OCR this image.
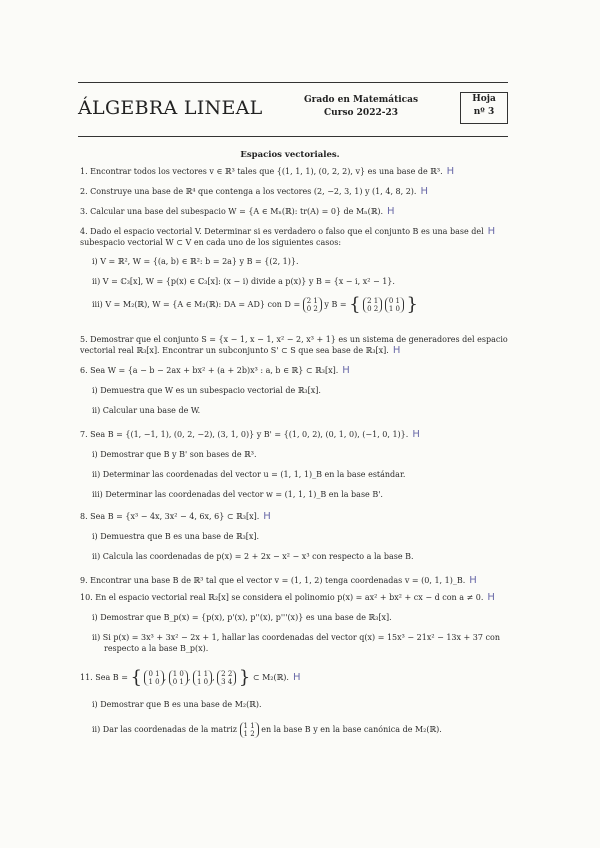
ÁLGEBRA LINEAL	Grado en Matemáticas
Curso 2022-23
Hoja
nº 3
Espacios vectoriales.
1. Encontrar todos los vectores v ∈ ℝ³ tales que {(1, 1, 1), (0, 2, 2), v} es una base de ℝ³. H
2. Construye una base de ℝ⁴ que contenga a los vectores (2, −2, 3, 1) y (1, 4, 8, 2). H
3. Calcular una base del subespacio W = {A ∈ Mₙ(ℝ): tr(A) = 0} de Mₙ(ℝ). H
4. Dado el espacio vectorial V. Determinar si es verdadero o falso que el conjunto B es una base del H
subespacio vectorial W ⊂ V en cada uno de los siguientes casos:
i) V = ℝ², W = {(a, b) ∈ ℝ²: b = 2a} y B = {(2, 1)}.
ii) V = ℂ₃[x], W = {p(x) ∈ ℂ₃[x]: (x − i) divide a p(x)} y B = {x − i, x² − 1}.
iii) V = M₂(ℝ), W = {A ∈ M₂(ℝ): DA = AD} con D = 2 1
0 2 y B = { 2 1
0 2

0 1
1 0 }
5. Demostrar que el conjunto S = {x − 1, x − 1, x² − 2, x³ + 1} es un sistema de generadores del espacio
vectorial real ℝ₃[x]. Encontrar un subconjunto S' ⊂ S que sea base de ℝ₃[x]. H
6. Sea W = {a − b − 2ax + bx² + (a + 2b)x³ : a, b ∈ ℝ} ⊂ ℝ₃[x]. H
i) Demuestra que W es un subespacio vectorial de ℝ₃[x].
ii) Calcular una base de W.
7. Sea B = {(1, −1, 1), (0, 2, −2), (3, 1, 0)} y B' = {(1, 0, 2), (0, 1, 0), (−1, 0, 1)}. H
i) Demostrar que B y B' son bases de ℝ³.
ii) Determinar las coordenadas del vector u = (1, 1, 1)_B en la base estándar.
iii) Determinar las coordenadas del vector w = (1, 1, 1)_B en la base B'.
8. Sea B = {x³ − 4x, 3x² − 4, 6x, 6} ⊂ ℝ₃[x]. H
i) Demuestra que B es una base de ℝ₃[x].
ii) Calcula las coordenadas de p(x) = 2 + 2x − x² − x³ con respecto a la base B.
9. Encontrar una base B de ℝ³ tal que el vector v = (1, 1, 2) tenga coordenadas v = (0, 1, 1)_B. H
10. En el espacio vectorial real ℝ₂[x] se considera el polinomio p(x) = ax² + bx² + cx − d con a ≠ 0. H
i) Demostrar que B_p(x) = {p(x), p'(x), p''(x), p'''(x)} es una base de ℝ₃[x].
ii) Si p(x) = 3x³ + 3x² − 2x + 1, hallar las coordenadas del vector q(x) = 15x³ − 21x² − 13x + 37 con
respecto a la base B_p(x).
11. Sea B = { 0 1
1 0 , 1 0
0 1 , 1 1
1 0 , 2 2
3 4 } ⊂ M₂(ℝ). H
i) Demostrar que B es una base de M₂(ℝ).
ii) Dar las coordenadas de la matriz 1 1
1 2 en la base B y en la base canónica de M₂(ℝ).
